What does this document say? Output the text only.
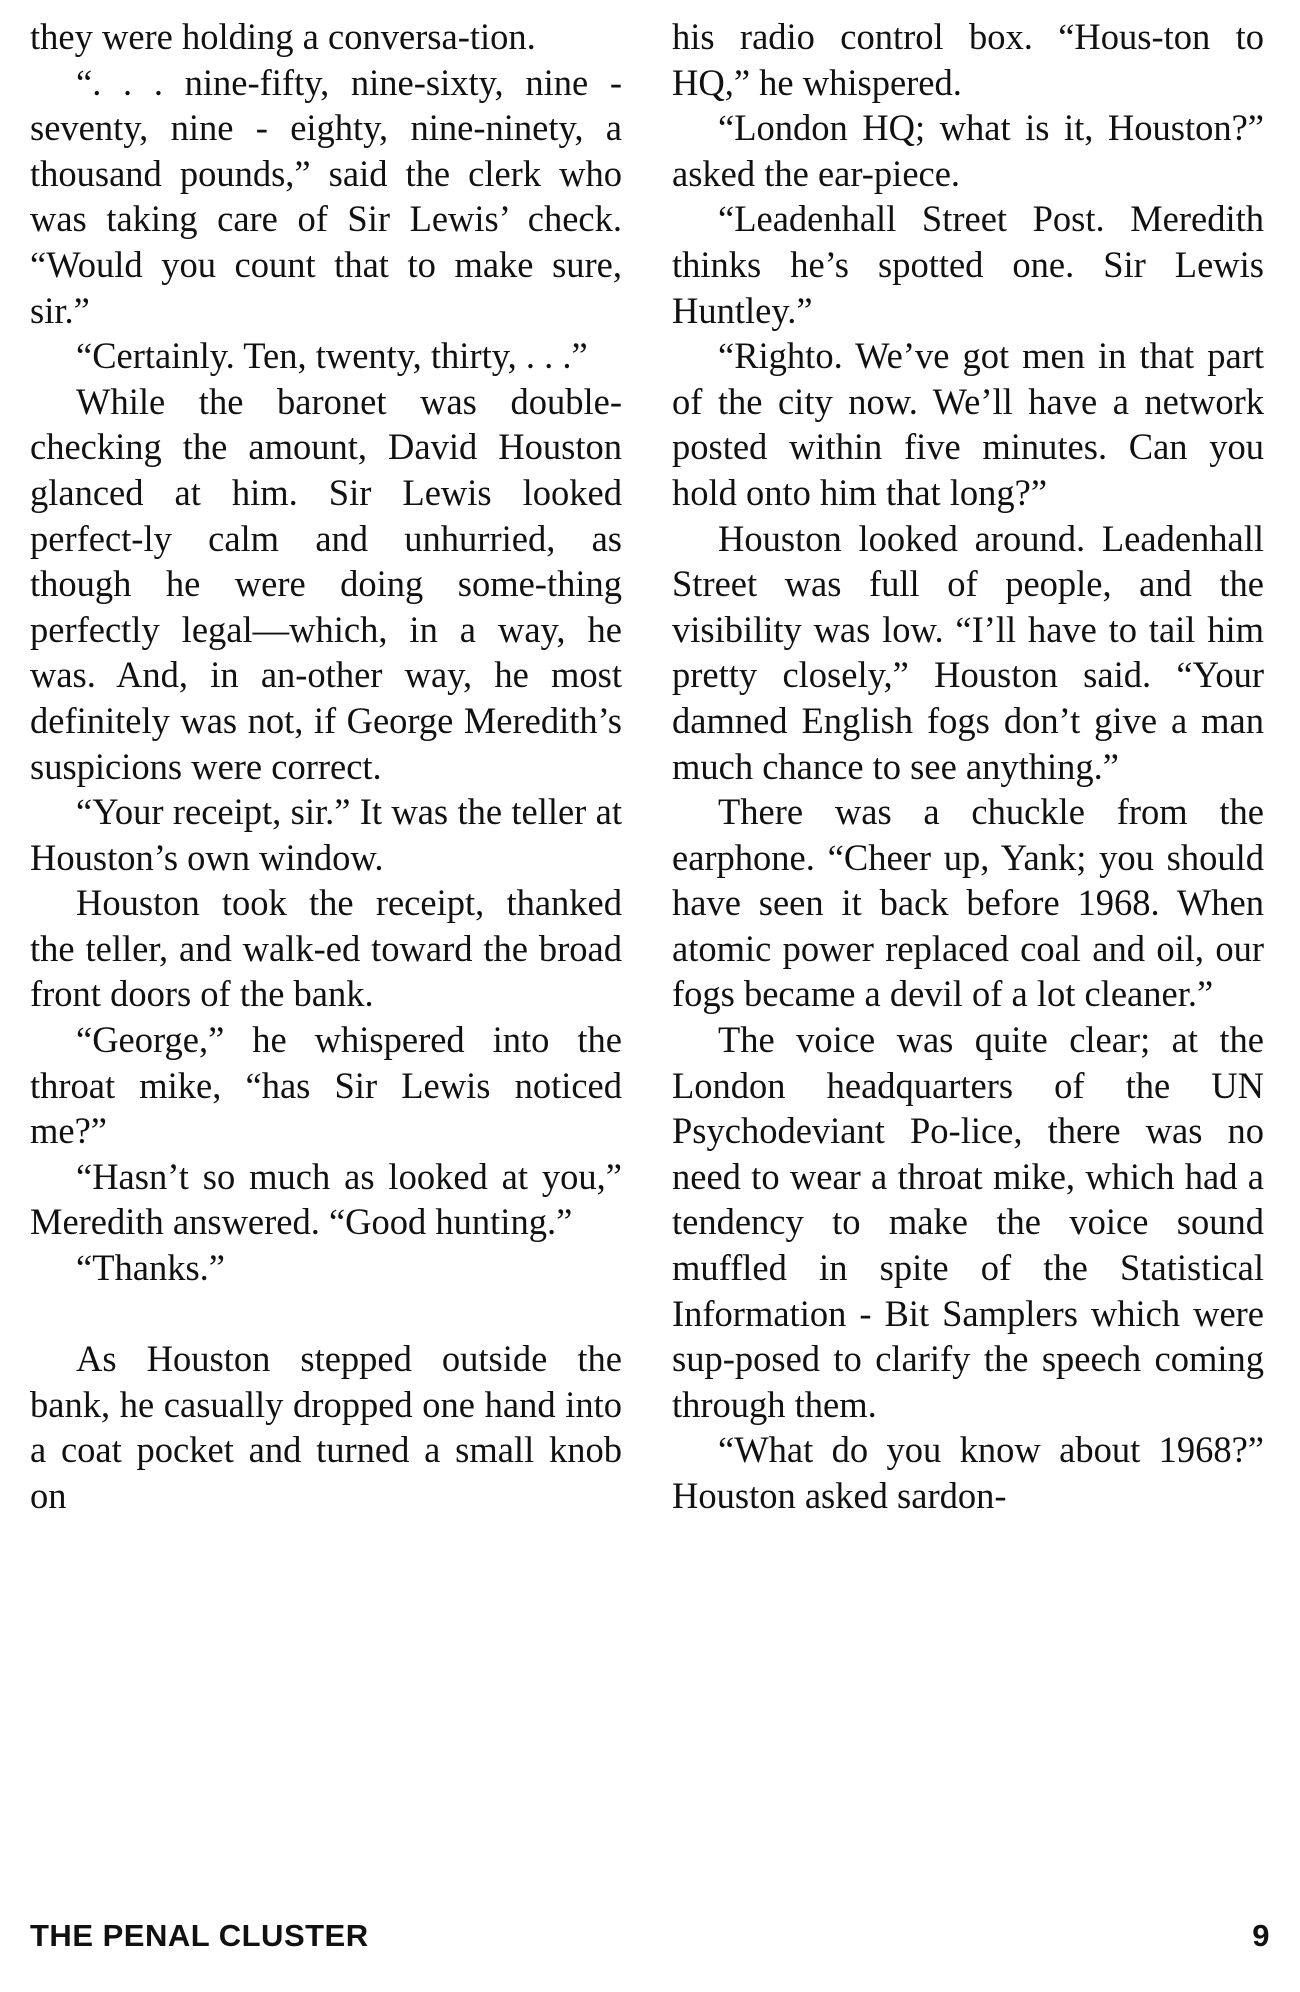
they were holding a conversa-tion.

“. . . nine-fifty, nine-sixty, nine - seventy, nine - eighty, nine-ninety, a thousand pounds,” said the clerk who was taking care of Sir Lewis’ check. “Would you count that to make sure, sir.”

“Certainly. Ten, twenty, thirty, . . .”

While the baronet was double-checking the amount, David Houston glanced at him. Sir Lewis looked perfect-ly calm and unhurried, as though he were doing some-thing perfectly legal—which, in a way, he was. And, in an-other way, he most definitely was not, if George Meredith’s suspicions were correct.

“Your receipt, sir.” It was the teller at Houston’s own window.

Houston took the receipt, thanked the teller, and walk-ed toward the broad front doors of the bank.

“George,” he whispered into the throat mike, “has Sir Lewis noticed me?”

“Hasn’t so much as looked at you,” Meredith answered. “Good hunting.”

“Thanks.”

As Houston stepped outside the bank, he casually dropped one hand into a coat pocket and turned a small knob on

his radio control box. “Hous-ton to HQ,” he whispered.

“London HQ; what is it, Houston?” asked the ear-piece.

“Leadenhall Street Post. Meredith thinks he’s spotted one. Sir Lewis Huntley.”

“Righto. We’ve got men in that part of the city now. We’ll have a network posted within five minutes. Can you hold onto him that long?”

Houston looked around. Leadenhall Street was full of people, and the visibility was low. “I’ll have to tail him pretty closely,” Houston said. “Your damned English fogs don’t give a man much chance to see anything.”

There was a chuckle from the earphone. “Cheer up, Yank; you should have seen it back before 1968. When atomic power replaced coal and oil, our fogs became a devil of a lot cleaner.”

The voice was quite clear; at the London headquarters of the UN Psychodeviant Po-lice, there was no need to wear a throat mike, which had a tendency to make the voice sound muffled in spite of the Statistical Information - Bit Samplers which were sup-posed to clarify the speech coming through them.

“What do you know about 1968?” Houston asked sardon-

THE PENAL CLUSTER	9
